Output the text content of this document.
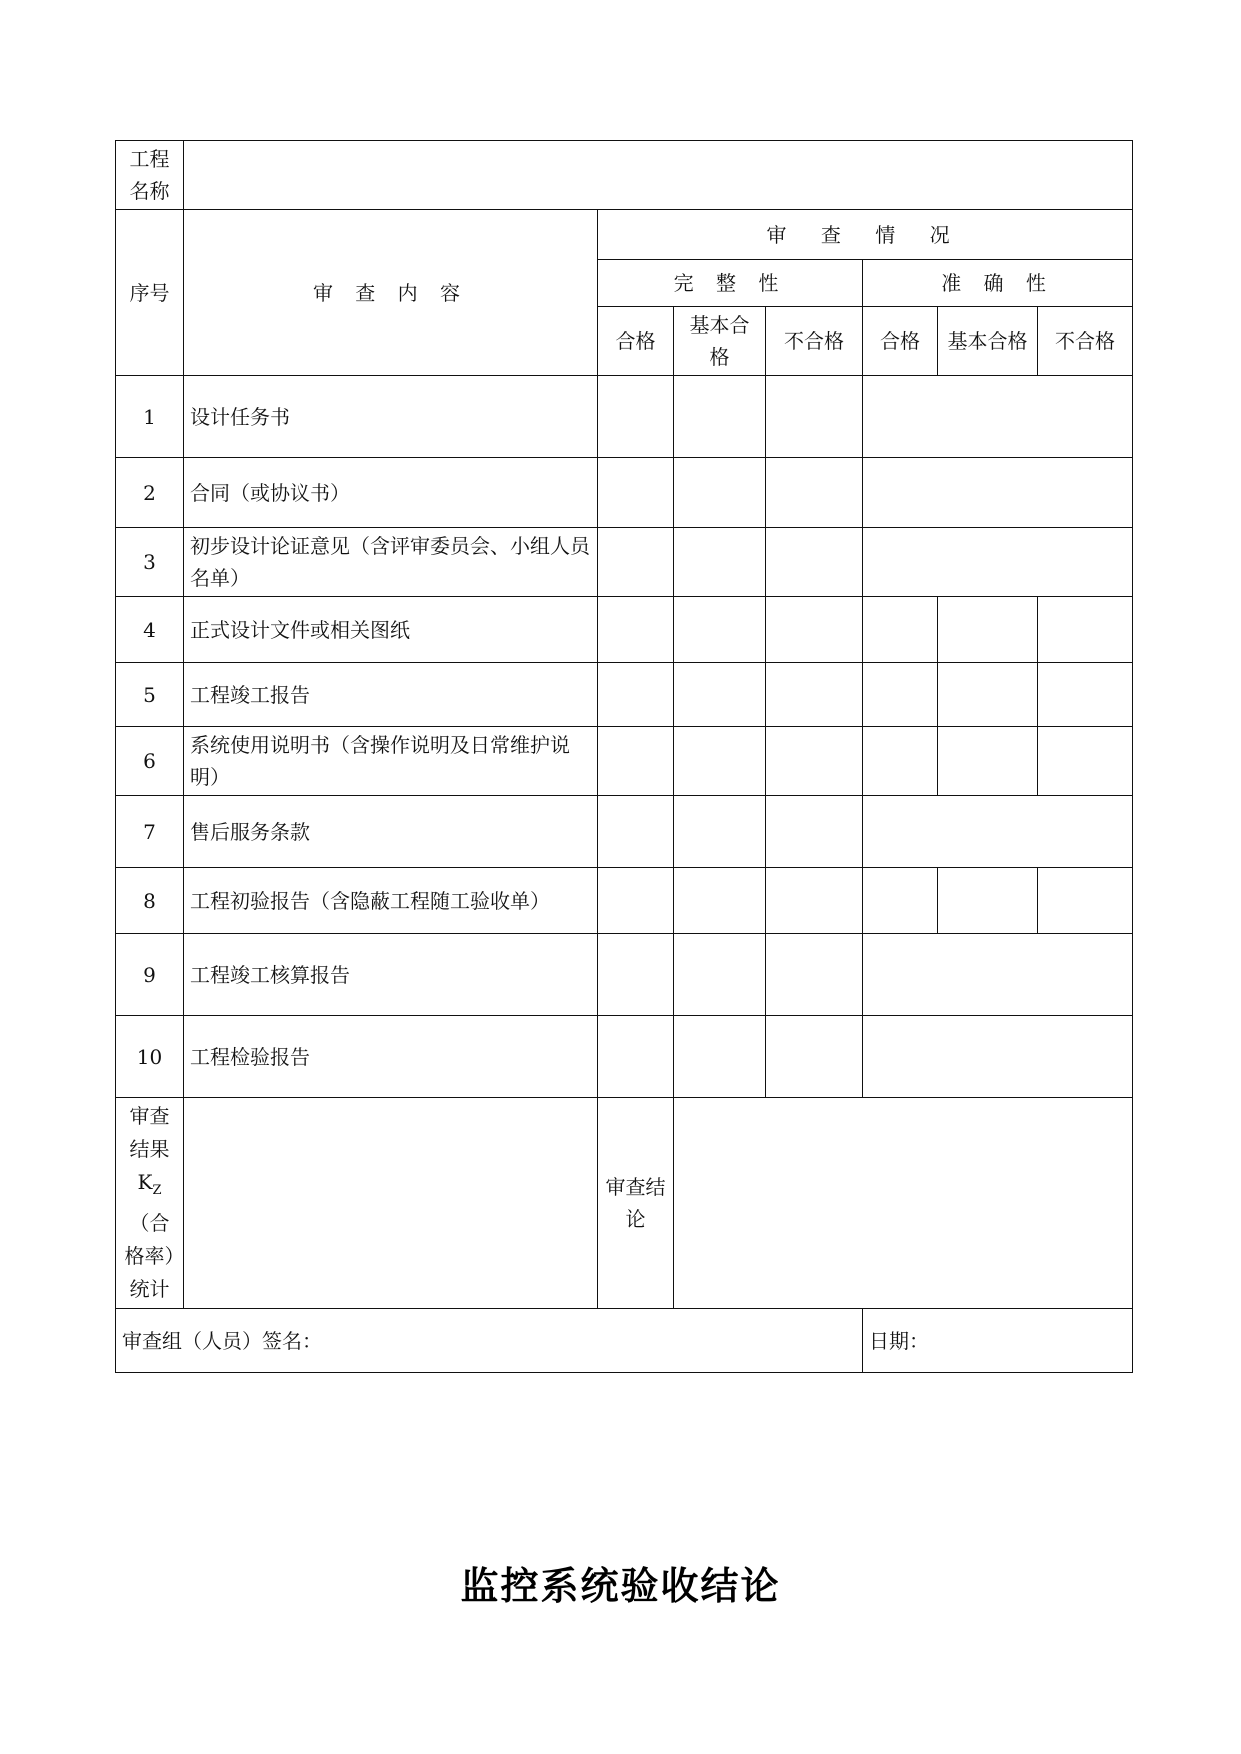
工程名称							
序号	审 查 内 容	审 查 情 况					
		完 整 性			准 确 性		
		合格	基本合格	不合格	合格	基本合格	不合格
1	设计任务书						
2	合同（或协议书）						
3	初步设计论证意见（含评审委员会、小组人员名单）						
4	正式设计文件或相关图纸						
5	工程竣工报告						
6	系统使用说明书（含操作说明及日常维护说明）						
7	售后服务条款						
8	工程初验报告（含隐蔽工程随工验收单）						
9	工程竣工核算报告						
10	工程检验报告						
审查结果$K_Z$（合格率）统计		审查结论					
审查组（人员）签名：					日期：		
监控系统验收结论
